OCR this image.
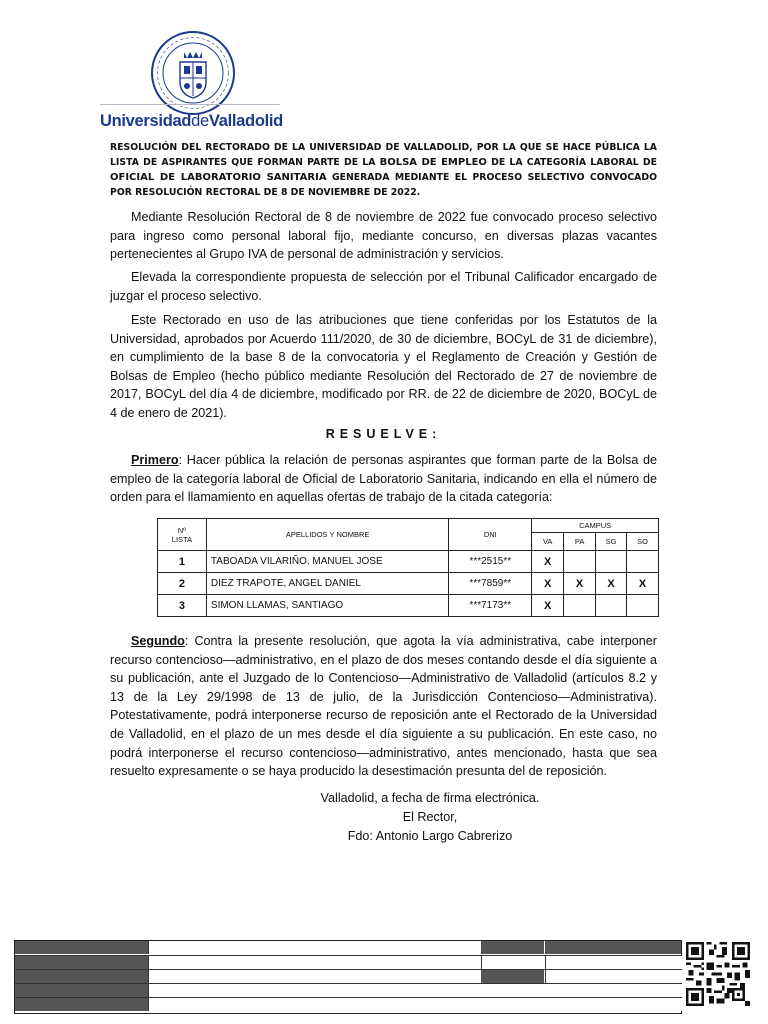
UniversidaddeValladolid
RESOLUCIÓN DEL RECTORADO DE LA UNIVERSIDAD DE VALLADOLID, POR LA QUE SE HACE PÚBLICA LA LISTA DE ASPIRANTES QUE FORMAN PARTE DE LA BOLSA DE EMPLEO DE LA CATEGORÍA LABORAL DE OFICIAL DE LABORATORIO SANITARIA GENERADA MEDIANTE EL PROCESO SELECTIVO CONVOCADO POR RESOLUCIÓN RECTORAL DE 8 DE NOVIEMBRE DE 2022.

Mediante Resolución Rectoral de 8 de noviembre de 2022 fue convocado proceso selectivo para ingreso como personal laboral fijo, mediante concurso, en diversas plazas vacantes pertenecientes al Grupo IVA de personal de administración y servicios.

Elevada la correspondiente propuesta de selección por el Tribunal Calificador encargado de juzgar el proceso selectivo.

Este Rectorado en uso de las atribuciones que tiene conferidas por los Estatutos de la Universidad, aprobados por Acuerdo 111/2020, de 30 de diciembre, BOCyL de 31 de diciembre), en cumplimiento de la base 8 de la convocatoria y el Reglamento de Creación y Gestión de Bolsas de Empleo (hecho público mediante Resolución del Rectorado de 27 de noviembre de 2017, BOCyL del día 4 de diciembre, modificado por RR. de 22 de diciembre de 2020, BOCyL de 4 de enero de 2021).

RESUELVE:

Primero: Hacer pública la relación de personas aspirantes que forman parte de la Bolsa de empleo de la categoría laboral de Oficial de Laboratorio Sanitaria, indicando en ella el número de orden para el llamamiento en aquellas ofertas de trabajo de la citada categoría:

Nº
LISTA	APELLIDOS Y NOMBRE	DNI	CAMPUS			
			VA	PA	SG	SO
1	TABOADA VILARIÑO, MANUEL JOSE	***2515**	X			
2	DIEZ TRAPOTE, ANGEL DANIEL	***7859**	X	X	X	X
3	SIMON LLAMAS, SANTIAGO	***7173**	X			

Segundo: Contra la presente resolución, que agota la vía administrativa, cabe interponer recurso contencioso—administrativo, en el plazo de dos meses contando desde el día siguiente a su publicación, ante el Juzgado de lo Contencioso—Administrativo de Valladolid (artículos 8.2 y 13 de la Ley 29/1998 de 13 de julio, de la Jurisdicción Contencioso—Administrativa). Potestativamente, podrá interponerse recurso de reposición ante el Rectorado de la Universidad de Valladolid, en el plazo de un mes desde el día siguiente a su publicación. En este caso, no podrá interponerse el recurso contencioso—administrativo, antes mencionado, hasta que sea resuelto expresamente o se haya producido la desestimación presunta del de reposición.

Valladolid, a fecha de firma electrónica.
El Rector,
Fdo: Antonio Largo Cabrerizo
